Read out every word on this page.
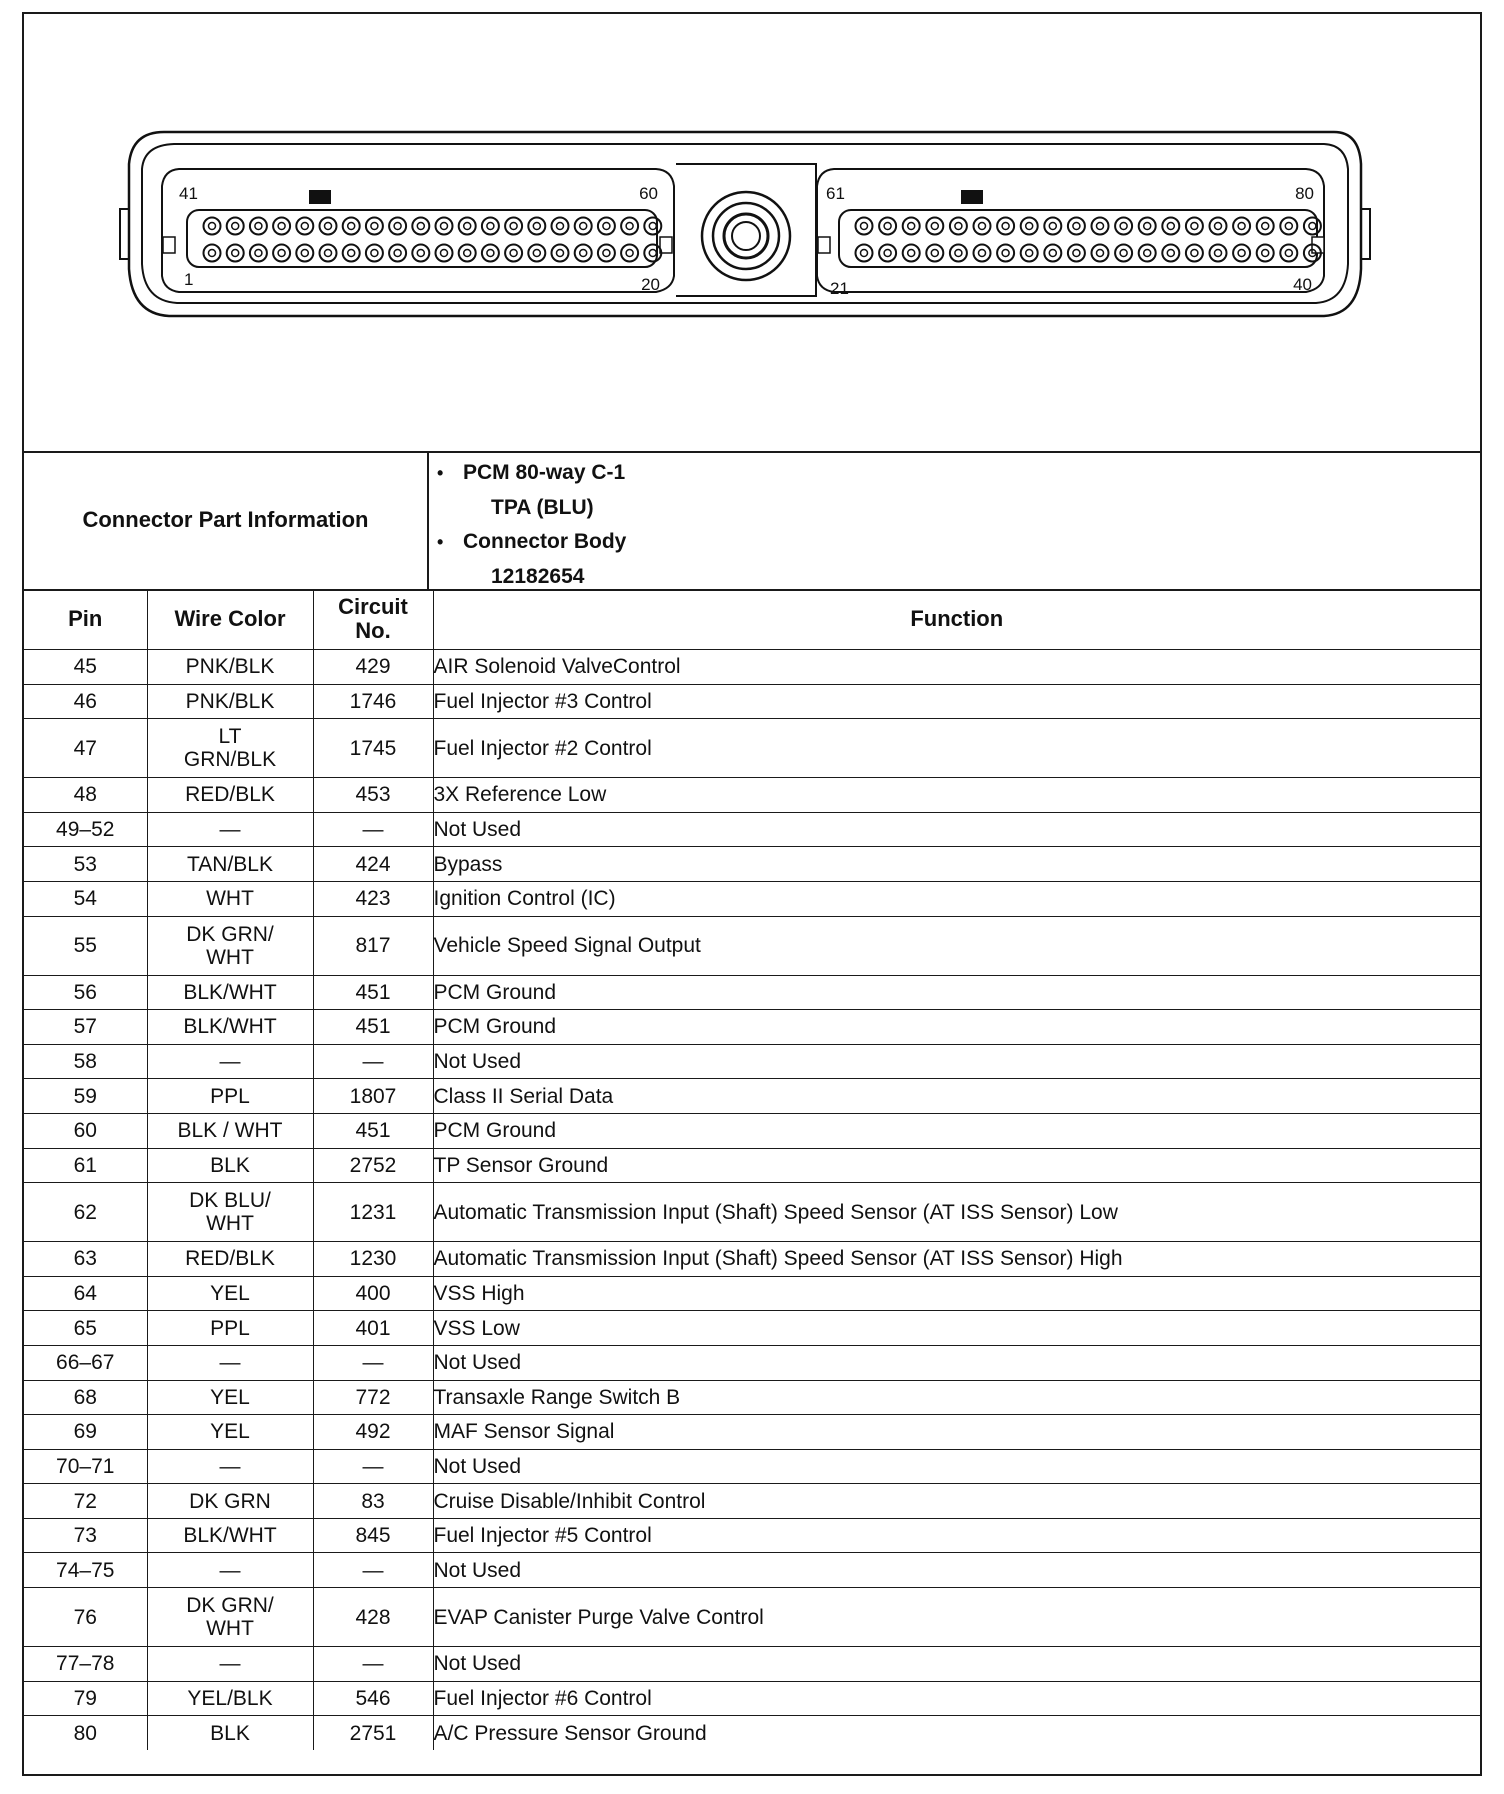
41	60
1	20
61	80
21	40
Connector Part Information
• PCM 80-way C-1
TPA (BLU)
• Connector Body
12182654
Pin	Wire Color	Circuit
No.	Function
45	PNK/BLK	429	AIR Solenoid ValveControl
46	PNK/BLK	1746	Fuel Injector #3 Control
47	LT
GRN/BLK	1745	Fuel Injector #2 Control
48	RED/BLK	453	3X Reference Low
49–52	—	—	Not Used
53	TAN/BLK	424	Bypass
54	WHT	423	Ignition Control (IC)
55	DK GRN/
WHT	817	Vehicle Speed Signal Output
56	BLK/WHT	451	PCM Ground
57	BLK/WHT	451	PCM Ground
58	—	—	Not Used
59	PPL	1807	Class II Serial Data
60	BLK / WHT	451	PCM Ground
61	BLK	2752	TP Sensor Ground
62	DK BLU/
WHT	1231	Automatic Transmission Input (Shaft) Speed Sensor (AT ISS Sensor) Low
63	RED/BLK	1230	Automatic Transmission Input (Shaft) Speed Sensor (AT ISS Sensor) High
64	YEL	400	VSS High
65	PPL	401	VSS Low
66–67	—	—	Not Used
68	YEL	772	Transaxle Range Switch B
69	YEL	492	MAF Sensor Signal
70–71	—	—	Not Used
72	DK GRN	83	Cruise Disable/Inhibit Control
73	BLK/WHT	845	Fuel Injector #5 Control
74–75	—	—	Not Used
76	DK GRN/
WHT	428	EVAP Canister Purge Valve Control
77–78	—	—	Not Used
79	YEL/BLK	546	Fuel Injector #6 Control
80	BLK	2751	A/C Pressure Sensor Ground
